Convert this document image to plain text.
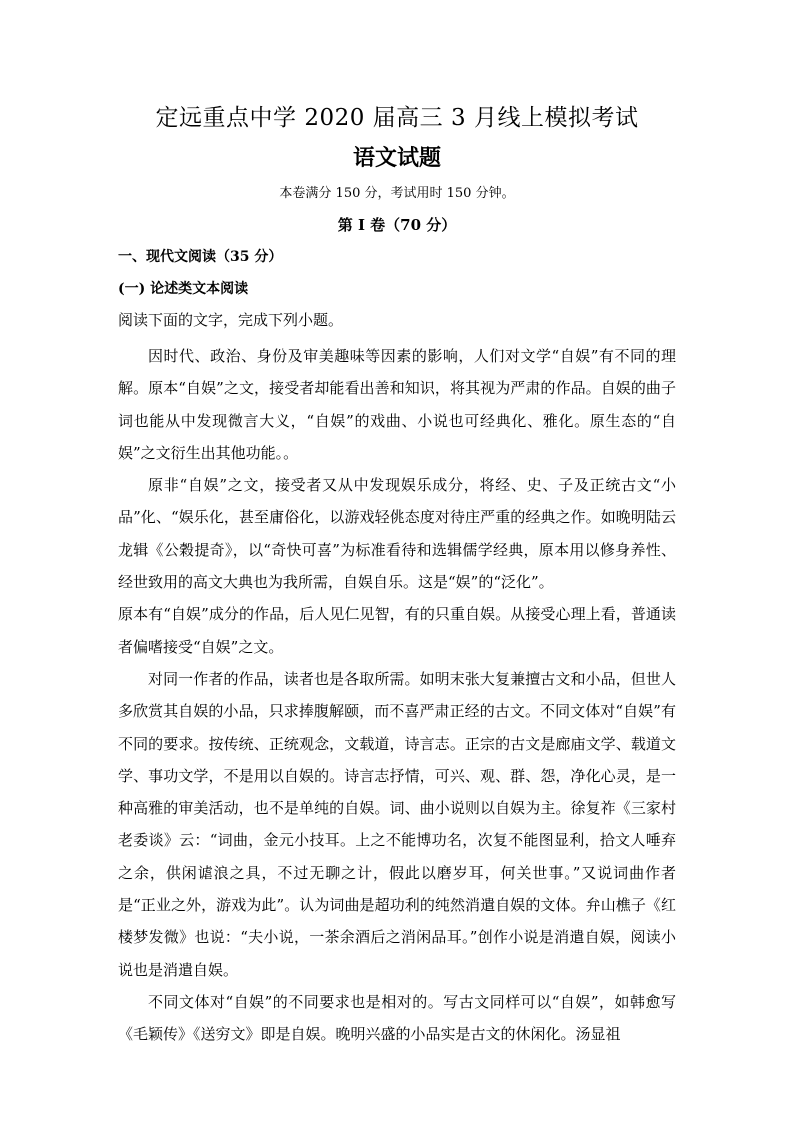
定远重点中学 2020 届高三 3 月线上模拟考试
语文试题
本卷满分 150 分，考试用时 150 分钟。
第 I 卷（70 分）
一、现代文阅读（35 分）
(一) 论述类文本阅读
阅读下面的文字，完成下列小题。

因时代、政治、身份及审美趣味等因素的影响，人们对文学“自娱”有不同的理解。原本“自娱”之文，接受者却能看出善和知识，将其视为严肃的作品。自娱的曲子词也能从中发现微言大义，“自娱”的戏曲、小说也可经典化、雅化。原生态的“自娱”之文衍生出其他功能。。

原非“自娱”之文，接受者又从中发现娱乐成分，将经、史、子及正统古文“小品”化、“娱乐化，甚至庸俗化，以游戏轻佻态度对待庄严重的经典之作。如晚明陆云龙辑《公穀提奇》，以“奇快可喜”为标准看待和选辑儒学经典，原本用以修身养性、经世致用的高文大典也为我所需，自娱自乐。这是“娱”的“泛化”。

原本有“自娱”成分的作品，后人见仁见智，有的只重自娱。从接受心理上看，普通读者偏嗜接受“自娱”之文。

对同一作者的作品，读者也是各取所需。如明末张大复兼擅古文和小品，但世人多欣赏其自娱的小品，只求捧腹解颐，而不喜严肃正经的古文。不同文体对“自娱”有不同的要求。按传统、正统观念，文载道，诗言志。正宗的古文是廊庙文学、载道文学、事功文学，不是用以自娱的。诗言志抒情，可兴、观、群、怨，净化心灵，是一种高雅的审美活动，也不是单纯的自娱。词、曲小说则以自娱为主。徐复祚《三家村老委谈》云：“词曲，金元小技耳。上之不能博功名，次复不能图显利，拾文人唾弃之余，供闲谑浪之具，不过无聊之计，假此以磨岁耳，何关世事。”又说词曲作者是“正业之外，游戏为此”。认为词曲是超功利的纯然消遣自娱的文体。弁山樵子《红楼梦发微》也说：“夫小说，一茶余酒后之消闲品耳。”创作小说是消遣自娱，阅读小说也是消遣自娱。

不同文体对“自娱”的不同要求也是相对的。写古文同样可以“自娱”，如韩愈写《毛颖传》《送穷文》即是自娱。晚明兴盛的小品实是古文的休闲化。汤显祖
